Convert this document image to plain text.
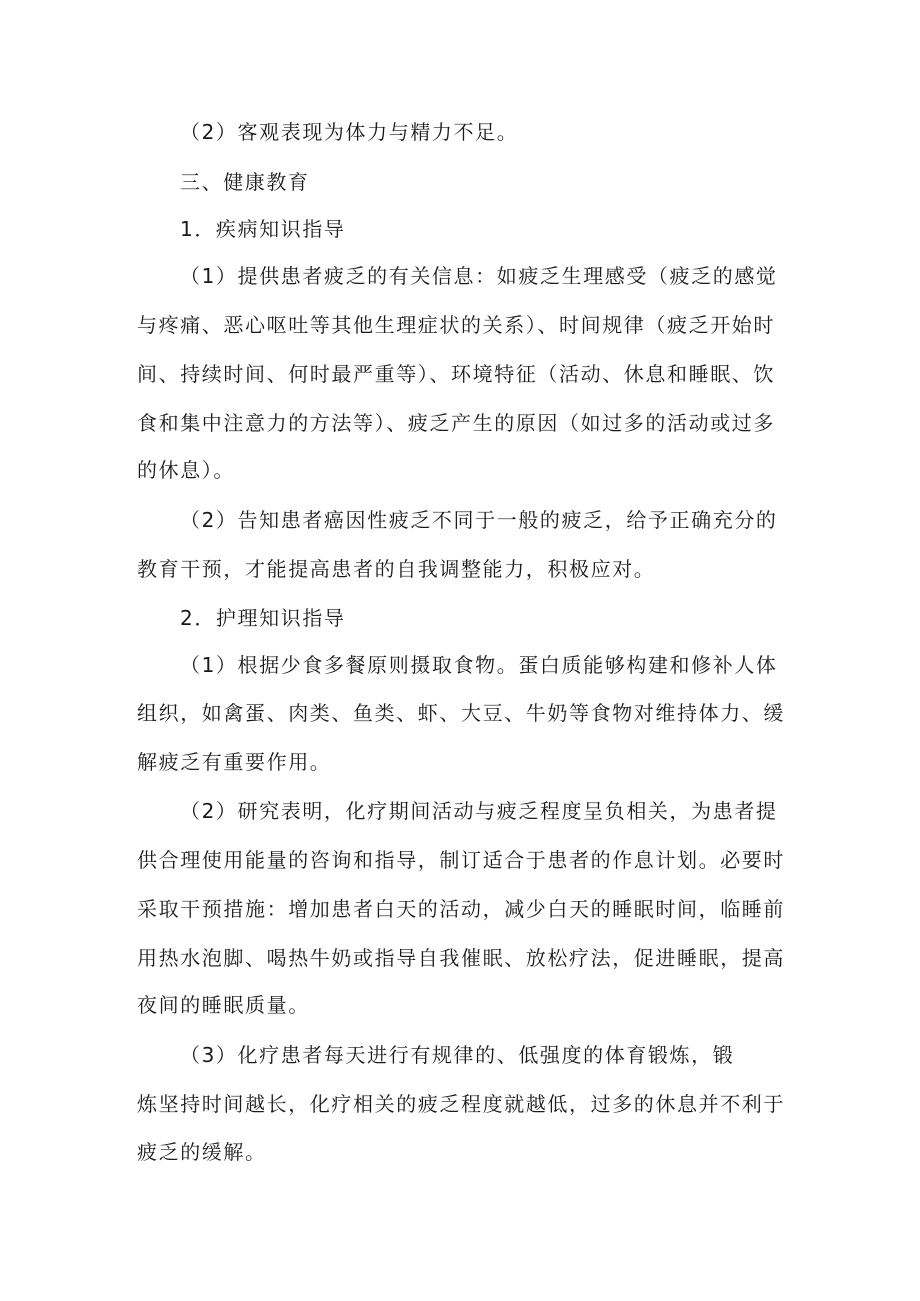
（2）客观表现为体力与精力不足。
三、健康教育
1．疾病知识指导
（1）提供患者疲乏的有关信息：如疲乏生理感受（疲乏的感觉
与疼痛、恶心呕吐等其他生理症状的关系）、时间规律（疲乏开始时
间、持续时间、何时最严重等）、环境特征（活动、休息和睡眠、饮
食和集中注意力的方法等）、疲乏产生的原因（如过多的活动或过多
的休息）。
（2）告知患者癌因性疲乏不同于一般的疲乏，给予正确充分的
教育干预，才能提高患者的自我调整能力，积极应对。
2．护理知识指导
（1）根据少食多餐原则摄取食物。蛋白质能够构建和修补人体
组织，如禽蛋、肉类、鱼类、虾、大豆、牛奶等食物对维持体力、缓
解疲乏有重要作用。
（2）研究表明，化疗期间活动与疲乏程度呈负相关，为患者提
供合理使用能量的咨询和指导，制订适合于患者的作息计划。必要时
采取干预措施：增加患者白天的活动，减少白天的睡眠时间，临睡前
用热水泡脚、喝热牛奶或指导自我催眠、放松疗法，促进睡眠，提高
夜间的睡眠质量。
（3）化疗患者每天进行有规律的、低强度的体育锻炼，锻
炼坚持时间越长，化疗相关的疲乏程度就越低，过多的休息并不利于
疲乏的缓解。
